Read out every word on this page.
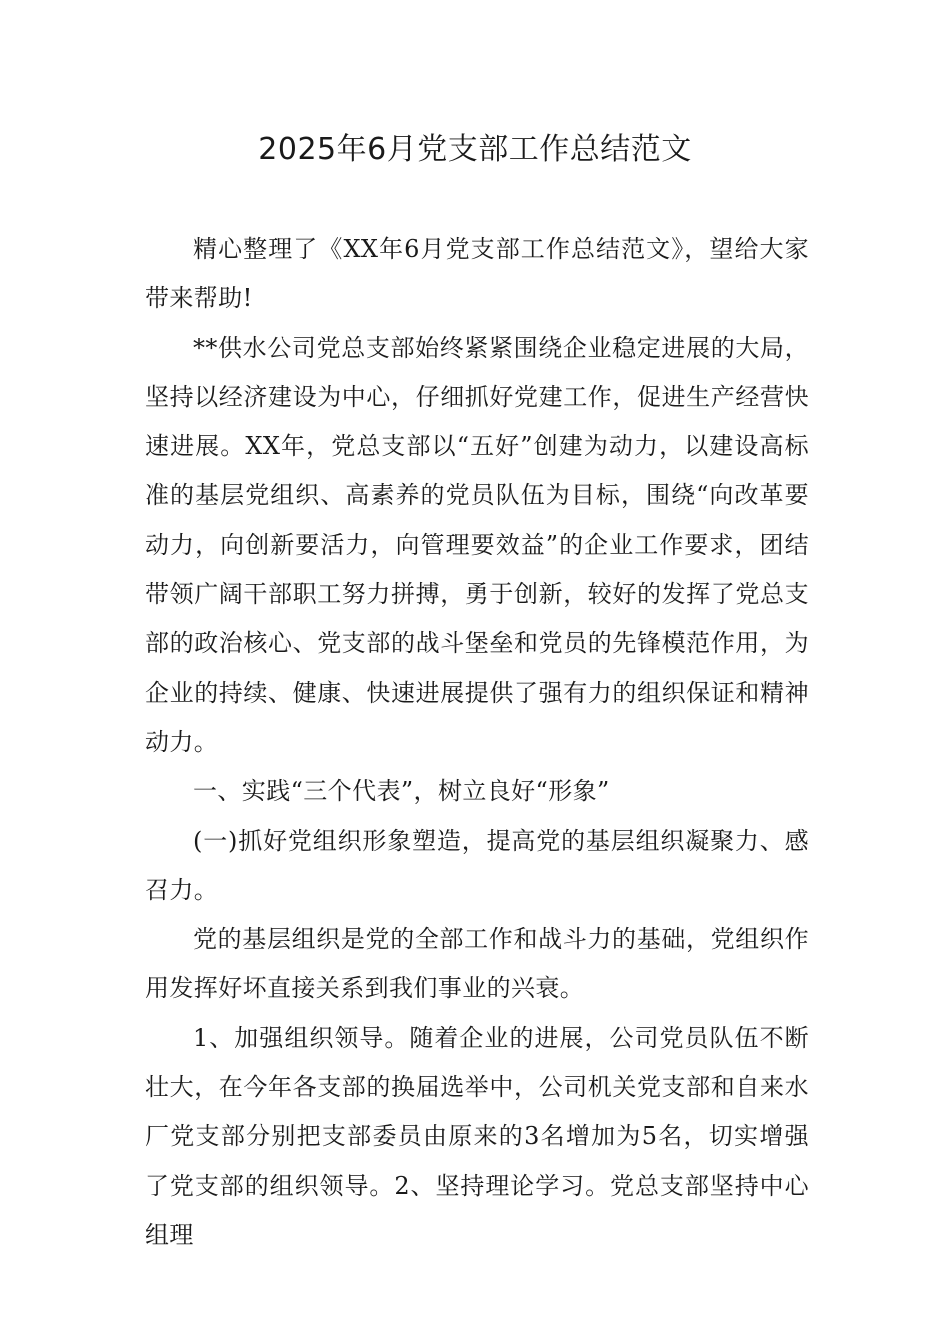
2025年6月党支部工作总结范文

精心整理了《XX年6月党支部工作总结范文》，望给大家带来帮助!

**供水公司党总支部始终紧紧围绕企业稳定进展的大局，坚持以经济建设为中心，仔细抓好党建工作，促进生产经营快速进展。XX年，党总支部以“五好”创建为动力，以建设高标准的基层党组织、高素养的党员队伍为目标，围绕“向改革要动力，向创新要活力，向管理要效益”的企业工作要求，团结带领广阔干部职工努力拼搏，勇于创新，较好的发挥了党总支部的政治核心、党支部的战斗堡垒和党员的先锋模范作用，为企业的持续、健康、快速进展提供了强有力的组织保证和精神动力。

一、实践“三个代表”，树立良好“形象”

(一)抓好党组织形象塑造，提高党的基层组织凝聚力、感召力。

党的基层组织是党的全部工作和战斗力的基础，党组织作用发挥好坏直接关系到我们事业的兴衰。

1、加强组织领导。随着企业的进展，公司党员队伍不断壮大，在今年各支部的换届选举中，公司机关党支部和自来水厂党支部分别把支部委员由原来的3名增加为5名，切实增强了党支部的组织领导。2、坚持理论学习。党总支部坚持中心组理
